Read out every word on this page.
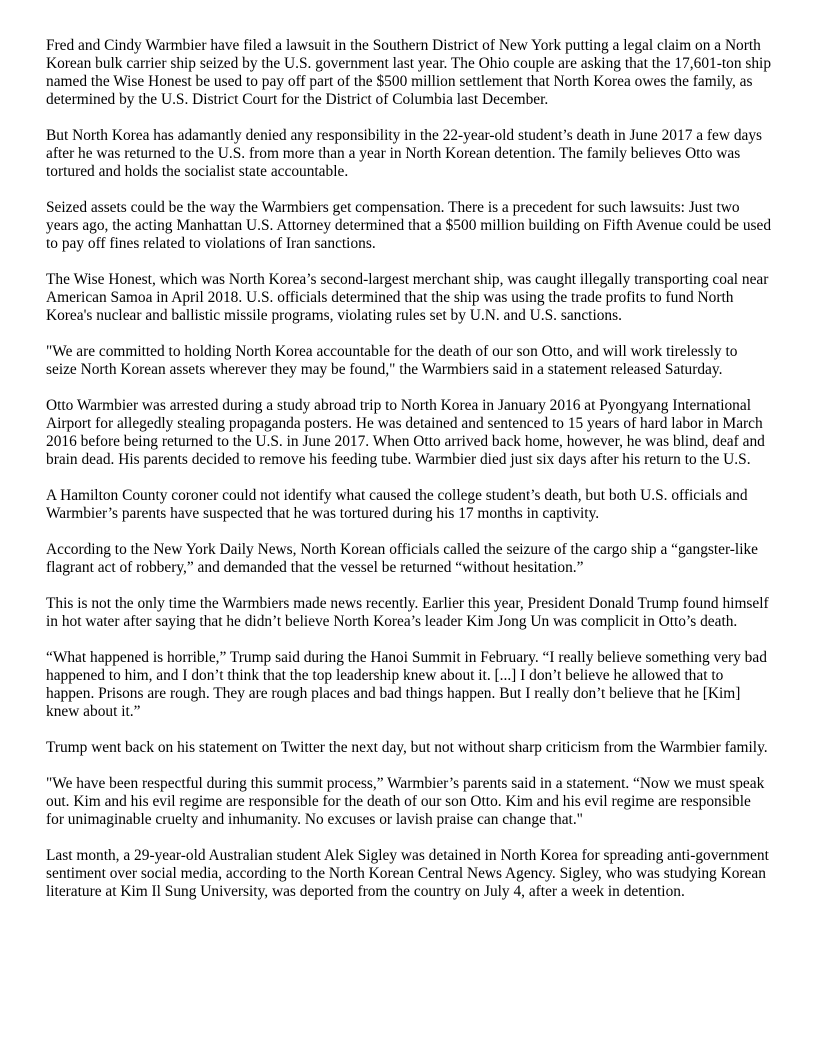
Fred and Cindy Warmbier have filed a lawsuit in the Southern District of New York putting a legal claim on a North Korean bulk carrier ship seized by the U.S. government last year. The Ohio couple are asking that the 17,601-ton ship named the Wise Honest be used to pay off part of the $500 million settlement that North Korea owes the family, as determined by the U.S. District Court for the District of Columbia last December.

But North Korea has adamantly denied any responsibility in the 22-year-old student’s death in June 2017 a few days after he was returned to the U.S. from more than a year in North Korean detention. The family believes Otto was tortured and holds the socialist state accountable.

Seized assets could be the way the Warmbiers get compensation. There is a precedent for such lawsuits: Just two years ago, the acting Manhattan U.S. Attorney determined that a $500 million building on Fifth Avenue could be used to pay off fines related to violations of Iran sanctions.

The Wise Honest, which was North Korea’s second-largest merchant ship, was caught illegally transporting coal near American Samoa in April 2018. U.S. officials determined that the ship was using the trade profits to fund North Korea's nuclear and ballistic missile programs, violating rules set by U.N. and U.S. sanctions.

"We are committed to holding North Korea accountable for the death of our son Otto, and will work tirelessly to seize North Korean assets wherever they may be found," the Warmbiers said in a statement released Saturday.

Otto Warmbier was arrested during a study abroad trip to North Korea in January 2016 at Pyongyang International Airport for allegedly stealing propaganda posters. He was detained and sentenced to 15 years of hard labor in March 2016 before being returned to the U.S. in June 2017. When Otto arrived back home, however, he was blind, deaf and brain dead. His parents decided to remove his feeding tube. Warmbier died just six days after his return to the U.S.

A Hamilton County coroner could not identify what caused the college student’s death, but both U.S. officials and Warmbier’s parents have suspected that he was tortured during his 17 months in captivity.

According to the New York Daily News, North Korean officials called the seizure of the cargo ship a “gangster-like flagrant act of robbery,” and demanded that the vessel be returned “without hesitation.”

This is not the only time the Warmbiers made news recently. Earlier this year, President Donald Trump found himself in hot water after saying that he didn’t believe North Korea’s leader Kim Jong Un was complicit in Otto’s death.

“What happened is horrible,” Trump said during the Hanoi Summit in February. “I really believe something very bad happened to him, and I don’t think that the top leadership knew about it. [...] I don’t believe he allowed that to happen. Prisons are rough. They are rough places and bad things happen. But I really don’t believe that he [Kim] knew about it.”

Trump went back on his statement on Twitter the next day, but not without sharp criticism from the Warmbier family.

"We have been respectful during this summit process,” Warmbier’s parents said in a statement. “Now we must speak out. Kim and his evil regime are responsible for the death of our son Otto. Kim and his evil regime are responsible for unimaginable cruelty and inhumanity. No excuses or lavish praise can change that."

Last month, a 29-year-old Australian student Alek Sigley was detained in North Korea for spreading anti-government sentiment over social media, according to the North Korean Central News Agency. Sigley, who was studying Korean literature at Kim Il Sung University, was deported from the country on July 4, after a week in detention.
